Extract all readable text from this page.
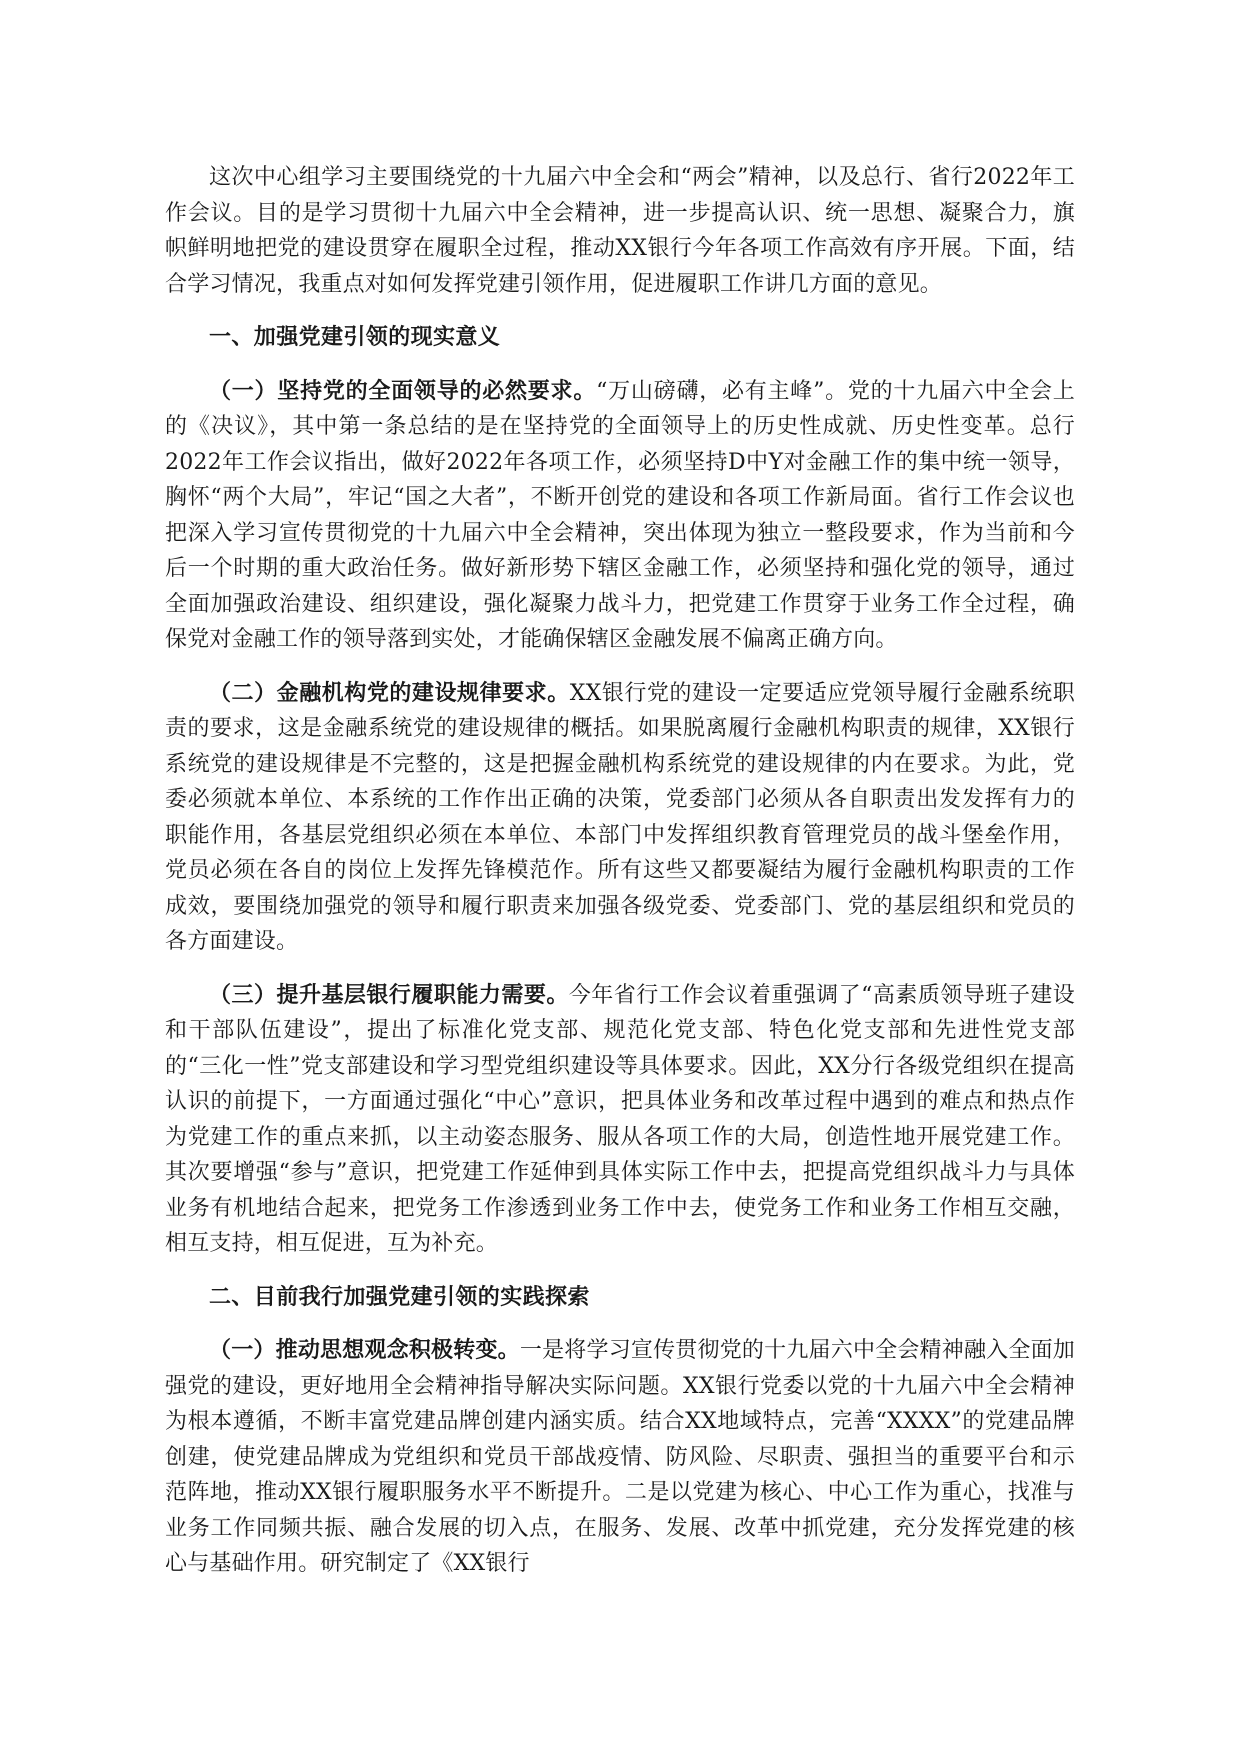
这次中心组学习主要围绕党的十九届六中全会和“两会”精神，以及总行、省行2022年工作会议。目的是学习贯彻十九届六中全会精神，进一步提高认识、统一思想、凝聚合力，旗帜鲜明地把党的建设贯穿在履职全过程，推动XX银行今年各项工作高效有序开展。下面，结合学习情况，我重点对如何发挥党建引领作用，促进履职工作讲几方面的意见。

一、加强党建引领的现实意义

（一）坚持党的全面领导的必然要求。“万山磅礴，必有主峰”。党的十九届六中全会上的《决议》，其中第一条总结的是在坚持党的全面领导上的历史性成就、历史性变革。总行2022年工作会议指出，做好2022年各项工作，必须坚持D中Y对金融工作的集中统一领导，胸怀“两个大局”，牢记“国之大者”，不断开创党的建设和各项工作新局面。省行工作会议也把深入学习宣传贯彻党的十九届六中全会精神，突出体现为独立一整段要求，作为当前和今后一个时期的重大政治任务。做好新形势下辖区金融工作，必须坚持和强化党的领导，通过全面加强政治建设、组织建设，强化凝聚力战斗力，把党建工作贯穿于业务工作全过程，确保党对金融工作的领导落到实处，才能确保辖区金融发展不偏离正确方向。

（二）金融机构党的建设规律要求。XX银行党的建设一定要适应党领导履行金融系统职责的要求，这是金融系统党的建设规律的概括。如果脱离履行金融机构职责的规律，XX银行系统党的建设规律是不完整的，这是把握金融机构系统党的建设规律的内在要求。为此，党委必须就本单位、本系统的工作作出正确的决策，党委部门必须从各自职责出发发挥有力的职能作用，各基层党组织必须在本单位、本部门中发挥组织教育管理党员的战斗堡垒作用，党员必须在各自的岗位上发挥先锋模范作。所有这些又都要凝结为履行金融机构职责的工作成效，要围绕加强党的领导和履行职责来加强各级党委、党委部门、党的基层组织和党员的各方面建设。

（三）提升基层银行履职能力需要。今年省行工作会议着重强调了“高素质领导班子建设和干部队伍建设”，提出了标准化党支部、规范化党支部、特色化党支部和先进性党支部的“三化一性”党支部建设和学习型党组织建设等具体要求。因此，XX分行各级党组织在提高认识的前提下，一方面通过强化“中心”意识，把具体业务和改革过程中遇到的难点和热点作为党建工作的重点来抓，以主动姿态服务、服从各项工作的大局，创造性地开展党建工作。其次要增强“参与”意识，把党建工作延伸到具体实际工作中去，把提高党组织战斗力与具体业务有机地结合起来，把党务工作渗透到业务工作中去，使党务工作和业务工作相互交融，相互支持，相互促进，互为补充。

二、目前我行加强党建引领的实践探索

（一）推动思想观念积极转变。一是将学习宣传贯彻党的十九届六中全会精神融入全面加强党的建设，更好地用全会精神指导解决实际问题。XX银行党委以党的十九届六中全会精神为根本遵循，不断丰富党建品牌创建内涵实质。结合XX地域特点，完善“XXXX”的党建品牌创建，使党建品牌成为党组织和党员干部战疫情、防风险、尽职责、强担当的重要平台和示范阵地，推动XX银行履职服务水平不断提升。二是以党建为核心、中心工作为重心，找准与业务工作同频共振、融合发展的切入点，在服务、发展、改革中抓党建，充分发挥党建的核心与基础作用。研究制定了《XX银行
